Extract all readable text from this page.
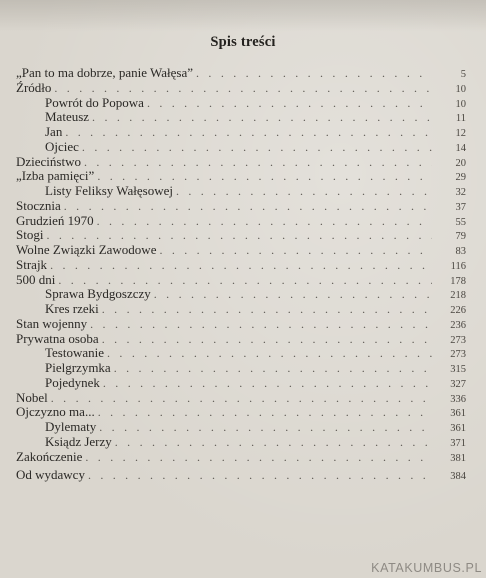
Spis treści
„Pan to ma dobrze, panie Wałęsa” . . .	5
Źródło . . .	10
Powrót do Popowa . . .	10
Mateusz . . .	11
Jan . . .	12
Ojciec . . .	14
Dzieciństwo . . .	20
„Izba pamięci” . . .	29
Listy Feliksy Wałęsowej . . .	32
Stocznia . . .	37
Grudzień 1970 . . .	55
Stogi . . .	79
Wolne Związki Zawodowe . . .	83
Strajk . . .	116
500 dni . . .	178
Sprawa Bydgoszczy . . .	218
Kres rzeki . . .	226
Stan wojenny . . .	236
Prywatna osoba . . .	273
Testowanie . . .	273
Pielgrzymka . . .	315
Pojedynek . . .	327
Nobel . . .	336
Ojczyzno ma... . . .	361
Dylematy . . .	361
Ksiądz Jerzy . . .	371
Zakończenie . . .	381
Od wydawcy . . .	384
KATAKUMBUS.PL
